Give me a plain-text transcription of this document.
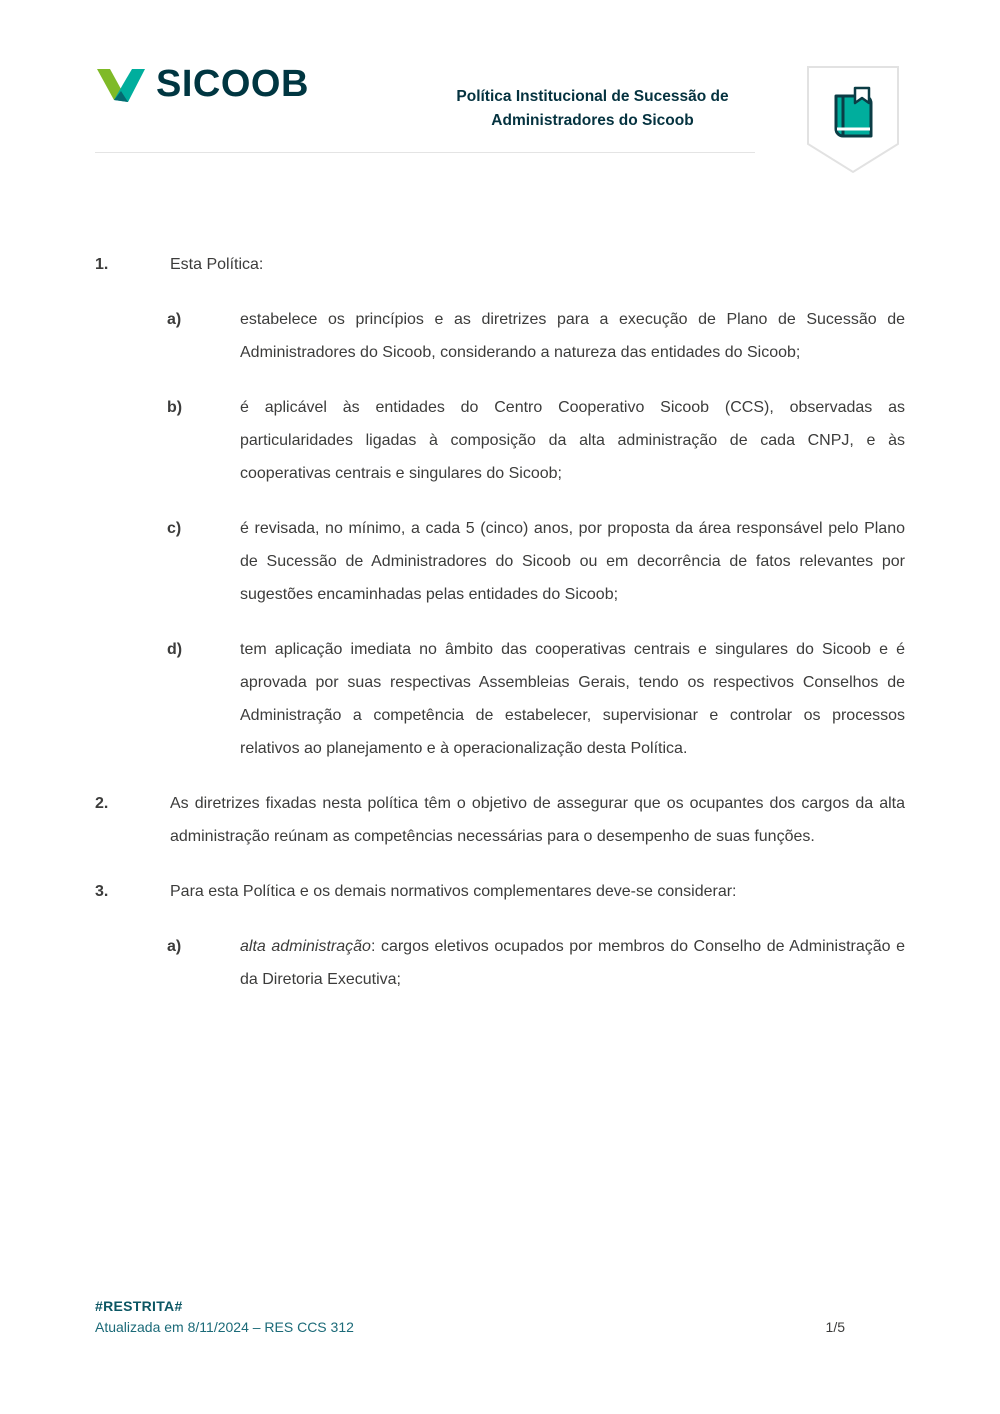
SICOOB	Política Institucional de Sucessão de
Administradores do Sicoob
1.	Esta Política:
a)	estabelece os princípios e as diretrizes para a execução de Plano de Sucessão de Administradores do Sicoob, considerando a natureza das entidades do Sicoob;
b)	é aplicável às entidades do Centro Cooperativo Sicoob (CCS), observadas as particularidades ligadas à composição da alta administração de cada CNPJ, e às cooperativas centrais e singulares do Sicoob;
c)	é revisada, no mínimo, a cada 5 (cinco) anos, por proposta da área responsável pelo Plano de Sucessão de Administradores do Sicoob ou em decorrência de fatos relevantes por sugestões encaminhadas pelas entidades do Sicoob;
d)	tem aplicação imediata no âmbito das cooperativas centrais e singulares do Sicoob e é aprovada por suas respectivas Assembleias Gerais, tendo os respectivos Conselhos de Administração a competência de estabelecer, supervisionar e controlar os processos relativos ao planejamento e à operacionalização desta Política.
2.	As diretrizes fixadas nesta política têm o objetivo de assegurar que os ocupantes dos cargos da alta administração reúnam as competências necessárias para o desempenho de suas funções.
3.	Para esta Política e os demais normativos complementares deve-se considerar:
a)	alta administração: cargos eletivos ocupados por membros do Conselho de Administração e da Diretoria Executiva;
#RESTRITA#
Atualizada em 8/11/2024 – RES CCS 312	1/5
